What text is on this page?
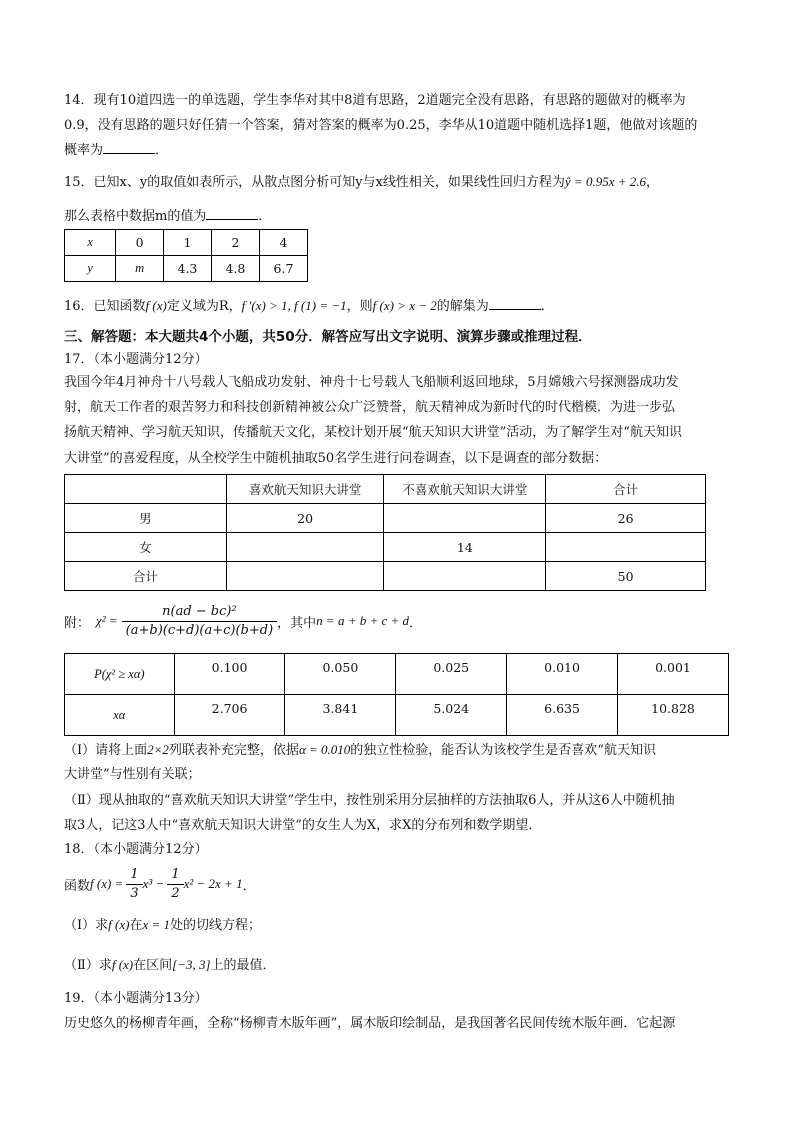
14．现有10道四选一的单选题，学生李华对其中8道有思路，2道题完全没有思路，有思路的题做对的概率为

0.9，没有思路的题只好任猜一个答案，猜对答案的概率为0.25，李华从10道题中随机选择1题，他做对该题的

概率为	．

15．已知x、y的取值如表所示，从散点图分析可知y与x线性相关，如果线性回归方程为ŷ = 0.95x + 2.6，

那么表格中数据m的值为	．

x	0	1	2	4
y	m	4.3	4.8	6.7

16．已知函数f (x)定义域为R，f ′(x) > 1, f (1) = −1，则f (x) > x − 2的解集为	．

三、解答题：本大题共4个小题，共50分．解答应写出文字说明、演算步骤或推理过程．

17．（本小题满分12分）

我国今年4月神舟十八号载人飞船成功发射、神舟十七号载人飞船顺利返回地球，5月嫦娥六号探测器成功发

射，航天工作者的艰苦努力和科技创新精神被公众广泛赞誉，航天精神成为新时代的时代楷模．为进一步弘

扬航天精神、学习航天知识，传播航天文化，某校计划开展“航天知识大讲堂”活动，为了解学生对“航天知识

大讲堂”的喜爱程度，从全校学生中随机抽取50名学生进行问卷调查，以下是调查的部分数据：

	喜欢航天知识大讲堂	不喜欢航天知识大讲堂	合计
男	20		26
女		14	
合计			50
附： $\chi^2 = \frac{\text{n(ad − bc)²}}{(a+b)(c+d)(a+c)(b+d)}$ ，其中 n = a + b + c + d ．
P(χ² ≥ xα)	0.100	0.050	0.025	0.010	0.001
xα	2.706	3.841	5.024	6.635	10.828

（I）请将上面2×2列联表补充完整，依据α = 0.010的独立性检验，能否认为该校学生是否喜欢“航天知识

大讲堂”与性别有关联；

（Ⅱ）现从抽取的“喜欢航天知识大讲堂”学生中，按性别采用分层抽样的方法抽取6人，并从这6人中随机抽

取3人，记这3人中“喜欢航天知识大讲堂“的女生人为X，求X的分布列和数学期望．

18．（本小题满分12分）

函数 f $(x) = \frac{1}{3} x^3 - \frac{1}{2} x^2 - 2x + 1$ ．

（I）求f (x)在x = 1处的切线方程；

（Ⅱ）求f (x)在区间[−3, 3]上的最值．

19．（本小题满分13分）

历史悠久的杨柳青年画，全称“杨柳青木版年画”，属木版印绘制品，是我国著名民间传统木版年画．它起源
